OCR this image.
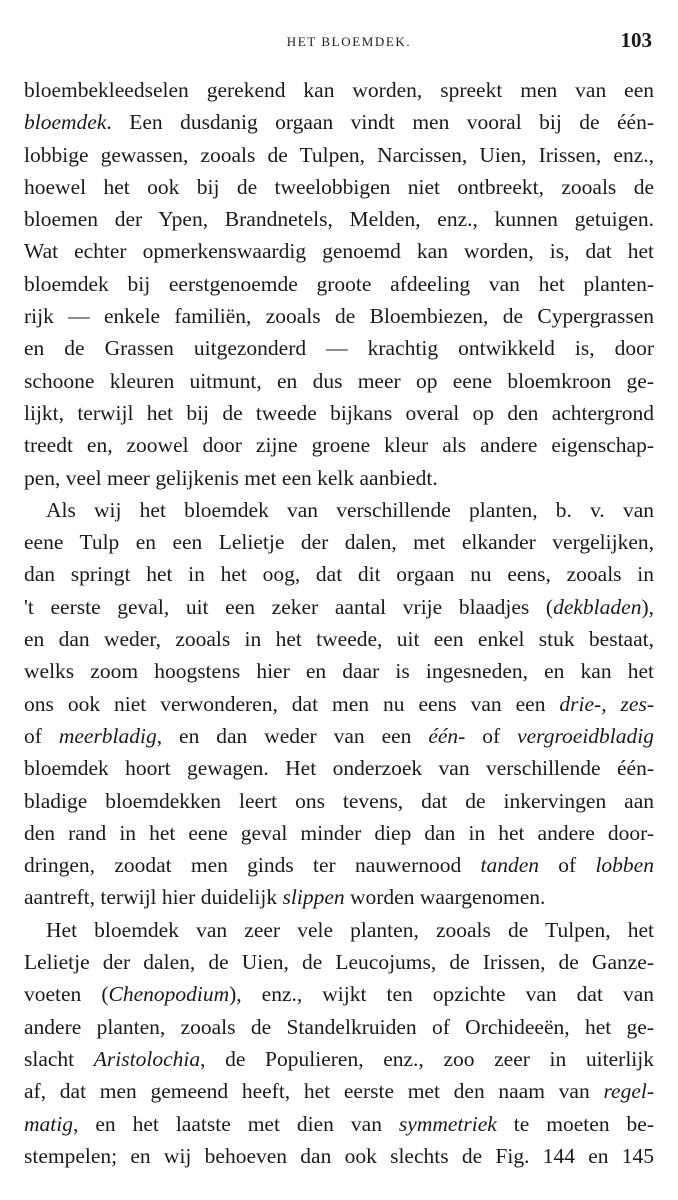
HET BLOEMDEK.	103
bloembekleedselen gerekend kan worden, spreekt men van een
bloemdek. Een dusdanig orgaan vindt men vooral bij de één-
lobbige gewassen, zooals de Tulpen, Narcissen, Uien, Irissen, enz.,
hoewel het ook bij de tweelobbigen niet ontbreekt, zooals de
bloemen der Ypen, Brandnetels, Melden, enz., kunnen getuigen.
Wat echter opmerkenswaardig genoemd kan worden, is, dat het
bloemdek bij eerstgenoemde groote afdeeling van het planten-
rijk — enkele familiën, zooals de Bloembiezen, de Cypergrassen
en de Grassen uitgezonderd — krachtig ontwikkeld is, door
schoone kleuren uitmunt, en dus meer op eene bloemkroon ge-
lijkt, terwijl het bij de tweede bijkans overal op den achtergrond
treedt en, zoowel door zijne groene kleur als andere eigenschap-
pen, veel meer gelijkenis met een kelk aanbiedt.
Als wij het bloemdek van verschillende planten, b. v. van
eene Tulp en een Lelietje der dalen, met elkander vergelijken,
dan springt het in het oog, dat dit orgaan nu eens, zooals in
't eerste geval, uit een zeker aantal vrije blaadjes (dekbladen),
en dan weder, zooals in het tweede, uit een enkel stuk bestaat,
welks zoom hoogstens hier en daar is ingesneden, en kan het
ons ook niet verwonderen, dat men nu eens van een drie-, zes-
of meerbladig, en dan weder van een één- of vergroeidbladig
bloemdek hoort gewagen. Het onderzoek van verschillende één-
bladige bloemdekken leert ons tevens, dat de inkervingen aan
den rand in het eene geval minder diep dan in het andere door-
dringen, zoodat men ginds ter nauwernood tanden of lobben
aantreft, terwijl hier duidelijk slippen worden waargenomen.
Het bloemdek van zeer vele planten, zooals de Tulpen, het
Lelietje der dalen, de Uien, de Leucojums, de Irissen, de Ganze-
voeten (Chenopodium), enz., wijkt ten opzichte van dat van
andere planten, zooals de Standelkruiden of Orchideeën, het ge-
slacht Aristolochia, de Populieren, enz., zoo zeer in uiterlijk
af, dat men gemeend heeft, het eerste met den naam van regel-
matig, en het laatste met dien van symmetriek te moeten be-
stempelen; en wij behoeven dan ook slechts de Fig. 144 en 145
